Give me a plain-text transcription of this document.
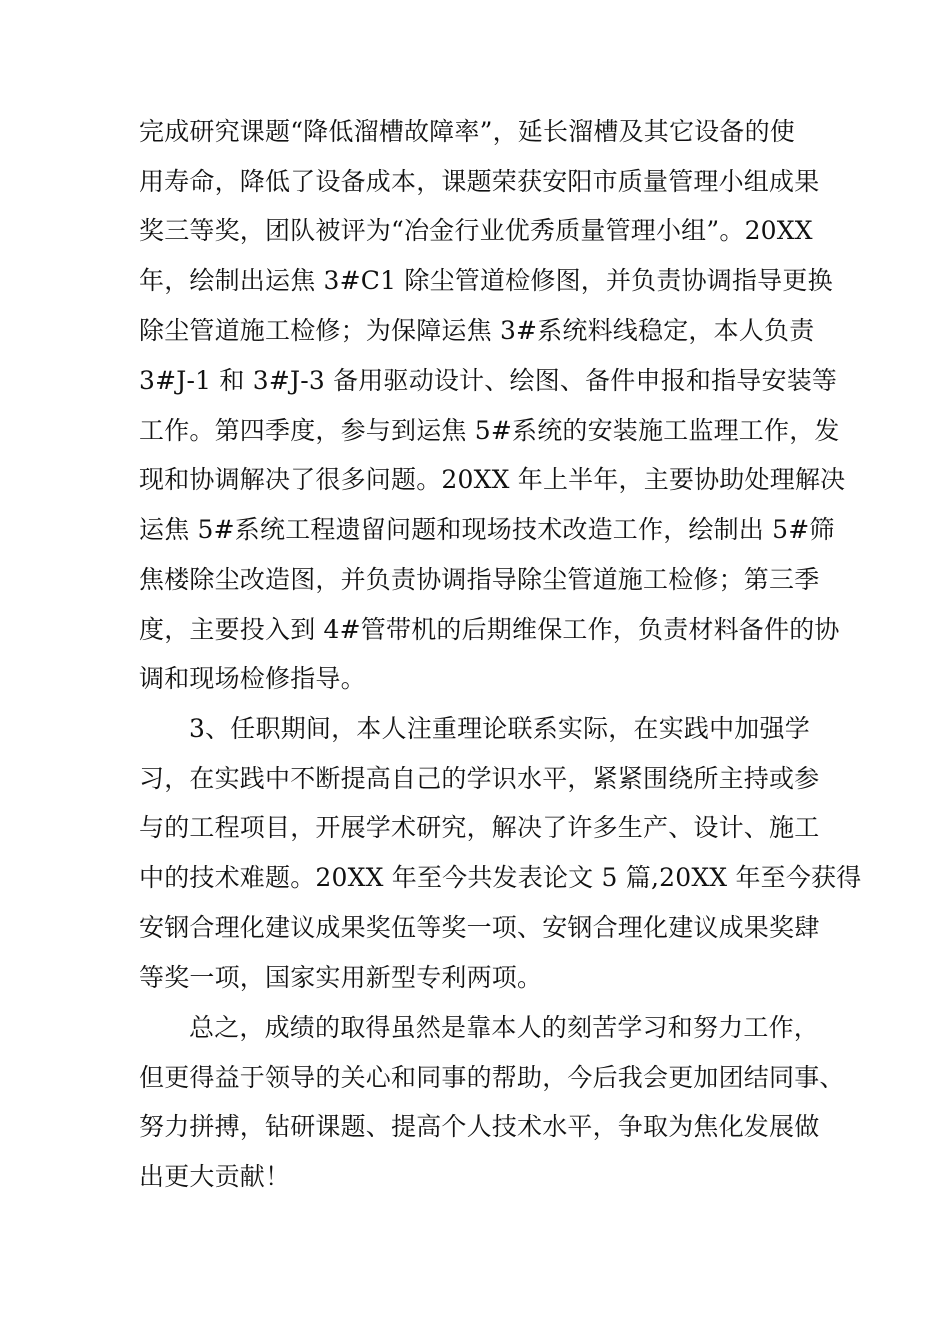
完成研究课题“降低溜槽故障率”，延长溜槽及其它设备的使
用寿命，降低了设备成本，课题荣获安阳市质量管理小组成果
奖三等奖，团队被评为“冶金行业优秀质量管理小组”。20XX
年，绘制出运焦 3#C1 除尘管道检修图，并负责协调指导更换
除尘管道施工检修；为保障运焦 3#系统料线稳定，本人负责
3#J-1 和 3#J-3 备用驱动设计、绘图、备件申报和指导安装等
工作。第四季度，参与到运焦 5#系统的安装施工监理工作，发
现和协调解决了很多问题。20XX 年上半年，主要协助处理解决
运焦 5#系统工程遗留问题和现场技术改造工作，绘制出 5#筛
焦楼除尘改造图，并负责协调指导除尘管道施工检修；第三季
度，主要投入到 4#管带机的后期维保工作，负责材料备件的协
调和现场检修指导。
3、任职期间，本人注重理论联系实际，在实践中加强学
习，在实践中不断提高自己的学识水平，紧紧围绕所主持或参
与的工程项目，开展学术研究，解决了许多生产、设计、施工
中的技术难题。20XX 年至今共发表论文 5 篇,20XX 年至今获得
安钢合理化建议成果奖伍等奖一项、安钢合理化建议成果奖肆
等奖一项，国家实用新型专利两项。
总之，成绩的取得虽然是靠本人的刻苦学习和努力工作，
但更得益于领导的关心和同事的帮助，今后我会更加团结同事、
努力拼搏，钻研课题、提高个人技术水平，争取为焦化发展做
出更大贡献！
